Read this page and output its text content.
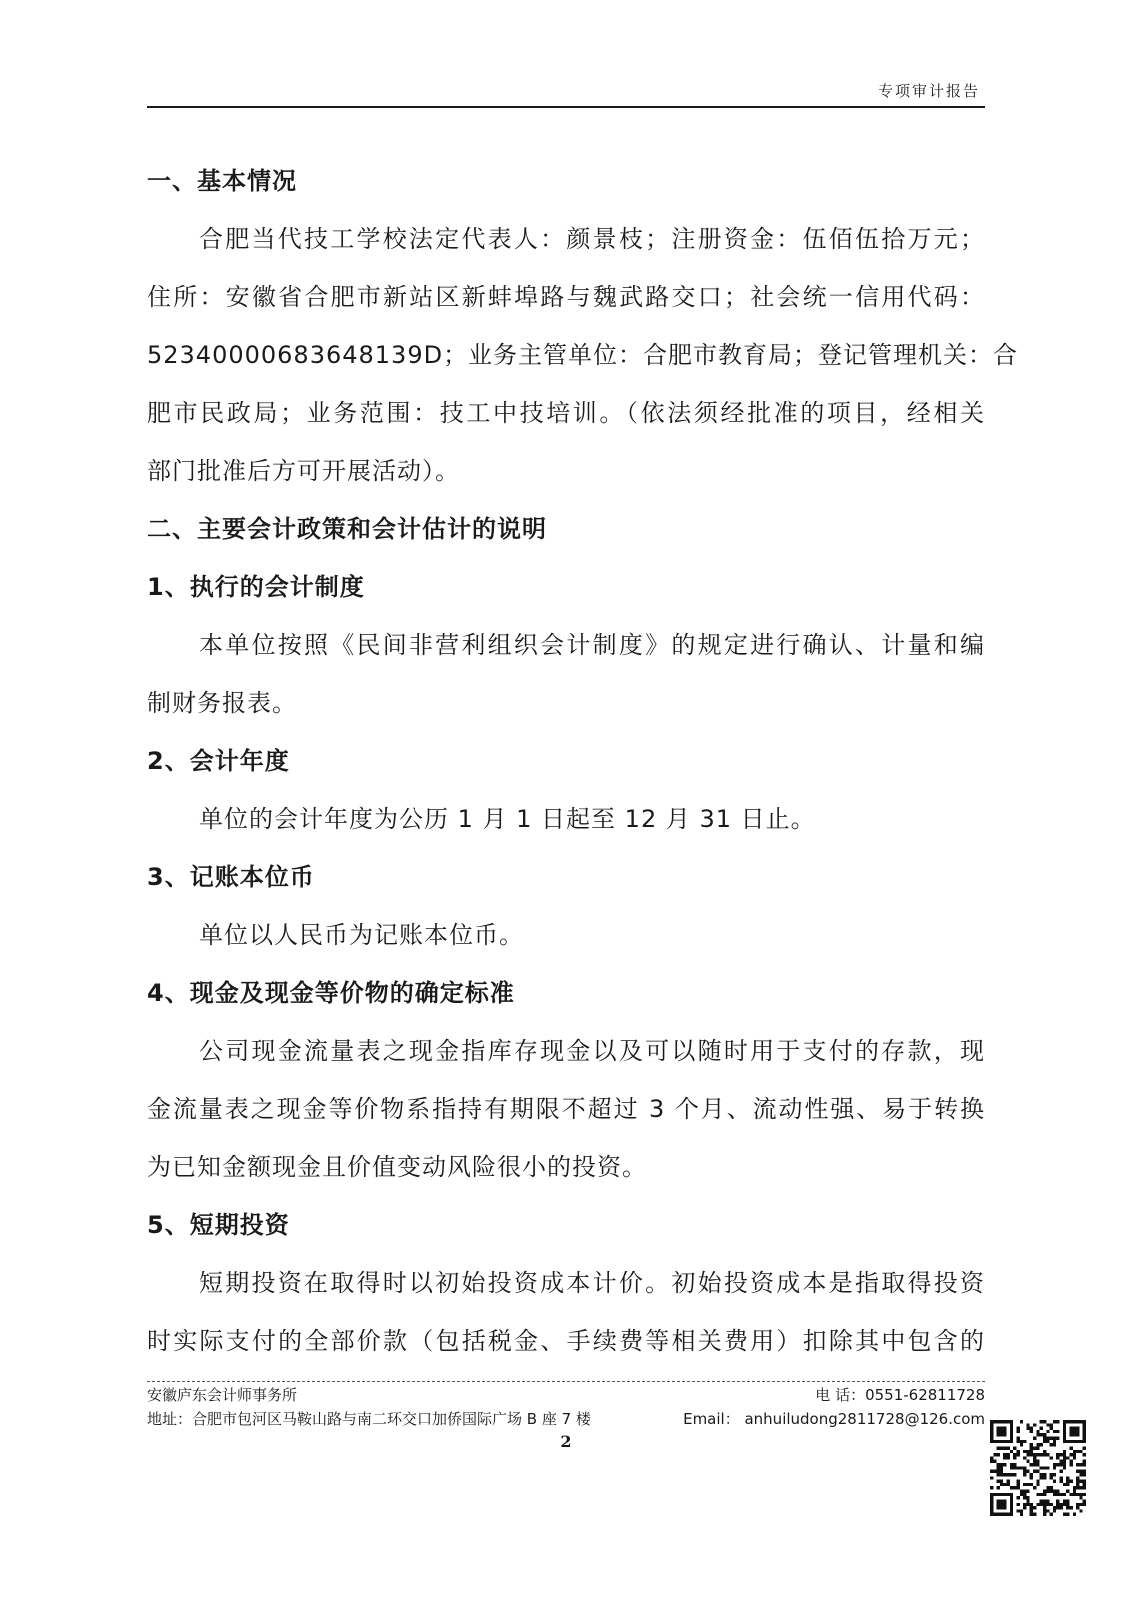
专项审计报告
一、基本情况
合肥当代技工学校法定代表人：颜景枝；注册资金：伍佰伍拾万元；
住所：安徽省合肥市新站区新蚌埠路与魏武路交口；社会统一信用代码：
52340000683648139D；业务主管单位：合肥市教育局；登记管理机关：合
肥市民政局；业务范围：技工中技培训。（依法须经批准的项目，经相关
部门批准后方可开展活动）。
二、主要会计政策和会计估计的说明
1、执行的会计制度
本单位按照《民间非营利组织会计制度》的规定进行确认、计量和编
制财务报表。
2、会计年度
单位的会计年度为公历 1 月 1 日起至 12 月 31 日止。
3、记账本位币
单位以人民币为记账本位币。
4、现金及现金等价物的确定标准
公司现金流量表之现金指库存现金以及可以随时用于支付的存款，现
金流量表之现金等价物系指持有期限不超过 3 个月、流动性强、易于转换
为已知金额现金且价值变动风险很小的投资。
5、短期投资
短期投资在取得时以初始投资成本计价。初始投资成本是指取得投资
时实际支付的全部价款（包括税金、手续费等相关费用）扣除其中包含的
安徽庐东会计师事务所	电 话：0551-62811728
地址：合肥市包河区马鞍山路与南二环交口加侨国际广场 B 座 7 楼	Email： anhuiludong2811728@126.com
2
